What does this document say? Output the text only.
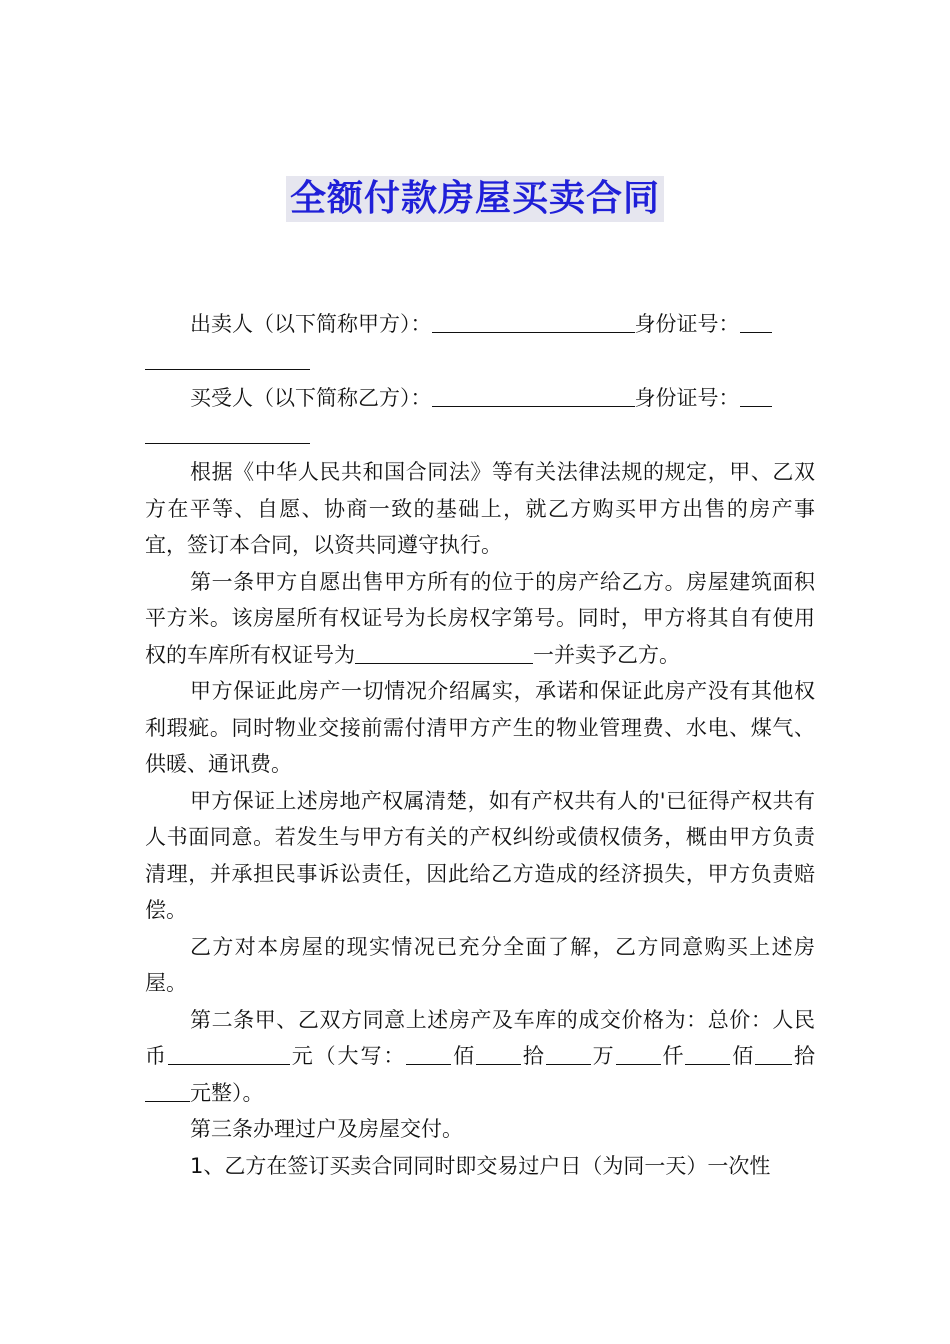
全额付款房屋买卖合同

出卖人（以下简称甲方）：	身份证号：

买受人（以下简称乙方）：	身份证号：

根据《中华人民共和国合同法》等有关法律法规的规定，甲、乙双方在平等、自愿、协商一致的基础上，就乙方购买甲方出售的房产事宜，签订本合同，以资共同遵守执行。

第一条甲方自愿出售甲方所有的位于的房产给乙方。房屋建筑面积平方米。该房屋所有权证号为长房权字第号。同时，甲方将其自有使用权的车库所有权证号为	一并卖予乙方。

甲方保证此房产一切情况介绍属实，承诺和保证此房产没有其他权利瑕疵。同时物业交接前需付清甲方产生的物业管理费、水电、煤气、供暖、通讯费。

甲方保证上述房地产权属清楚，如有产权共有人的'已征得产权共有人书面同意。若发生与甲方有关的产权纠纷或债权债务，概由甲方负责清理，并承担民事诉讼责任，因此给乙方造成的经济损失，甲方负责赔偿。

乙方对本房屋的现实情况已充分全面了解，乙方同意购买上述房屋。

第二条甲、乙双方同意上述房产及车库的成交价格为：总价：人民币	元（大写： 佰 拾 万 仟 佰 拾元整）。

第三条办理过户及房屋交付。

1、乙方在签订买卖合同同时即交易过户日（为同一天）一次性
